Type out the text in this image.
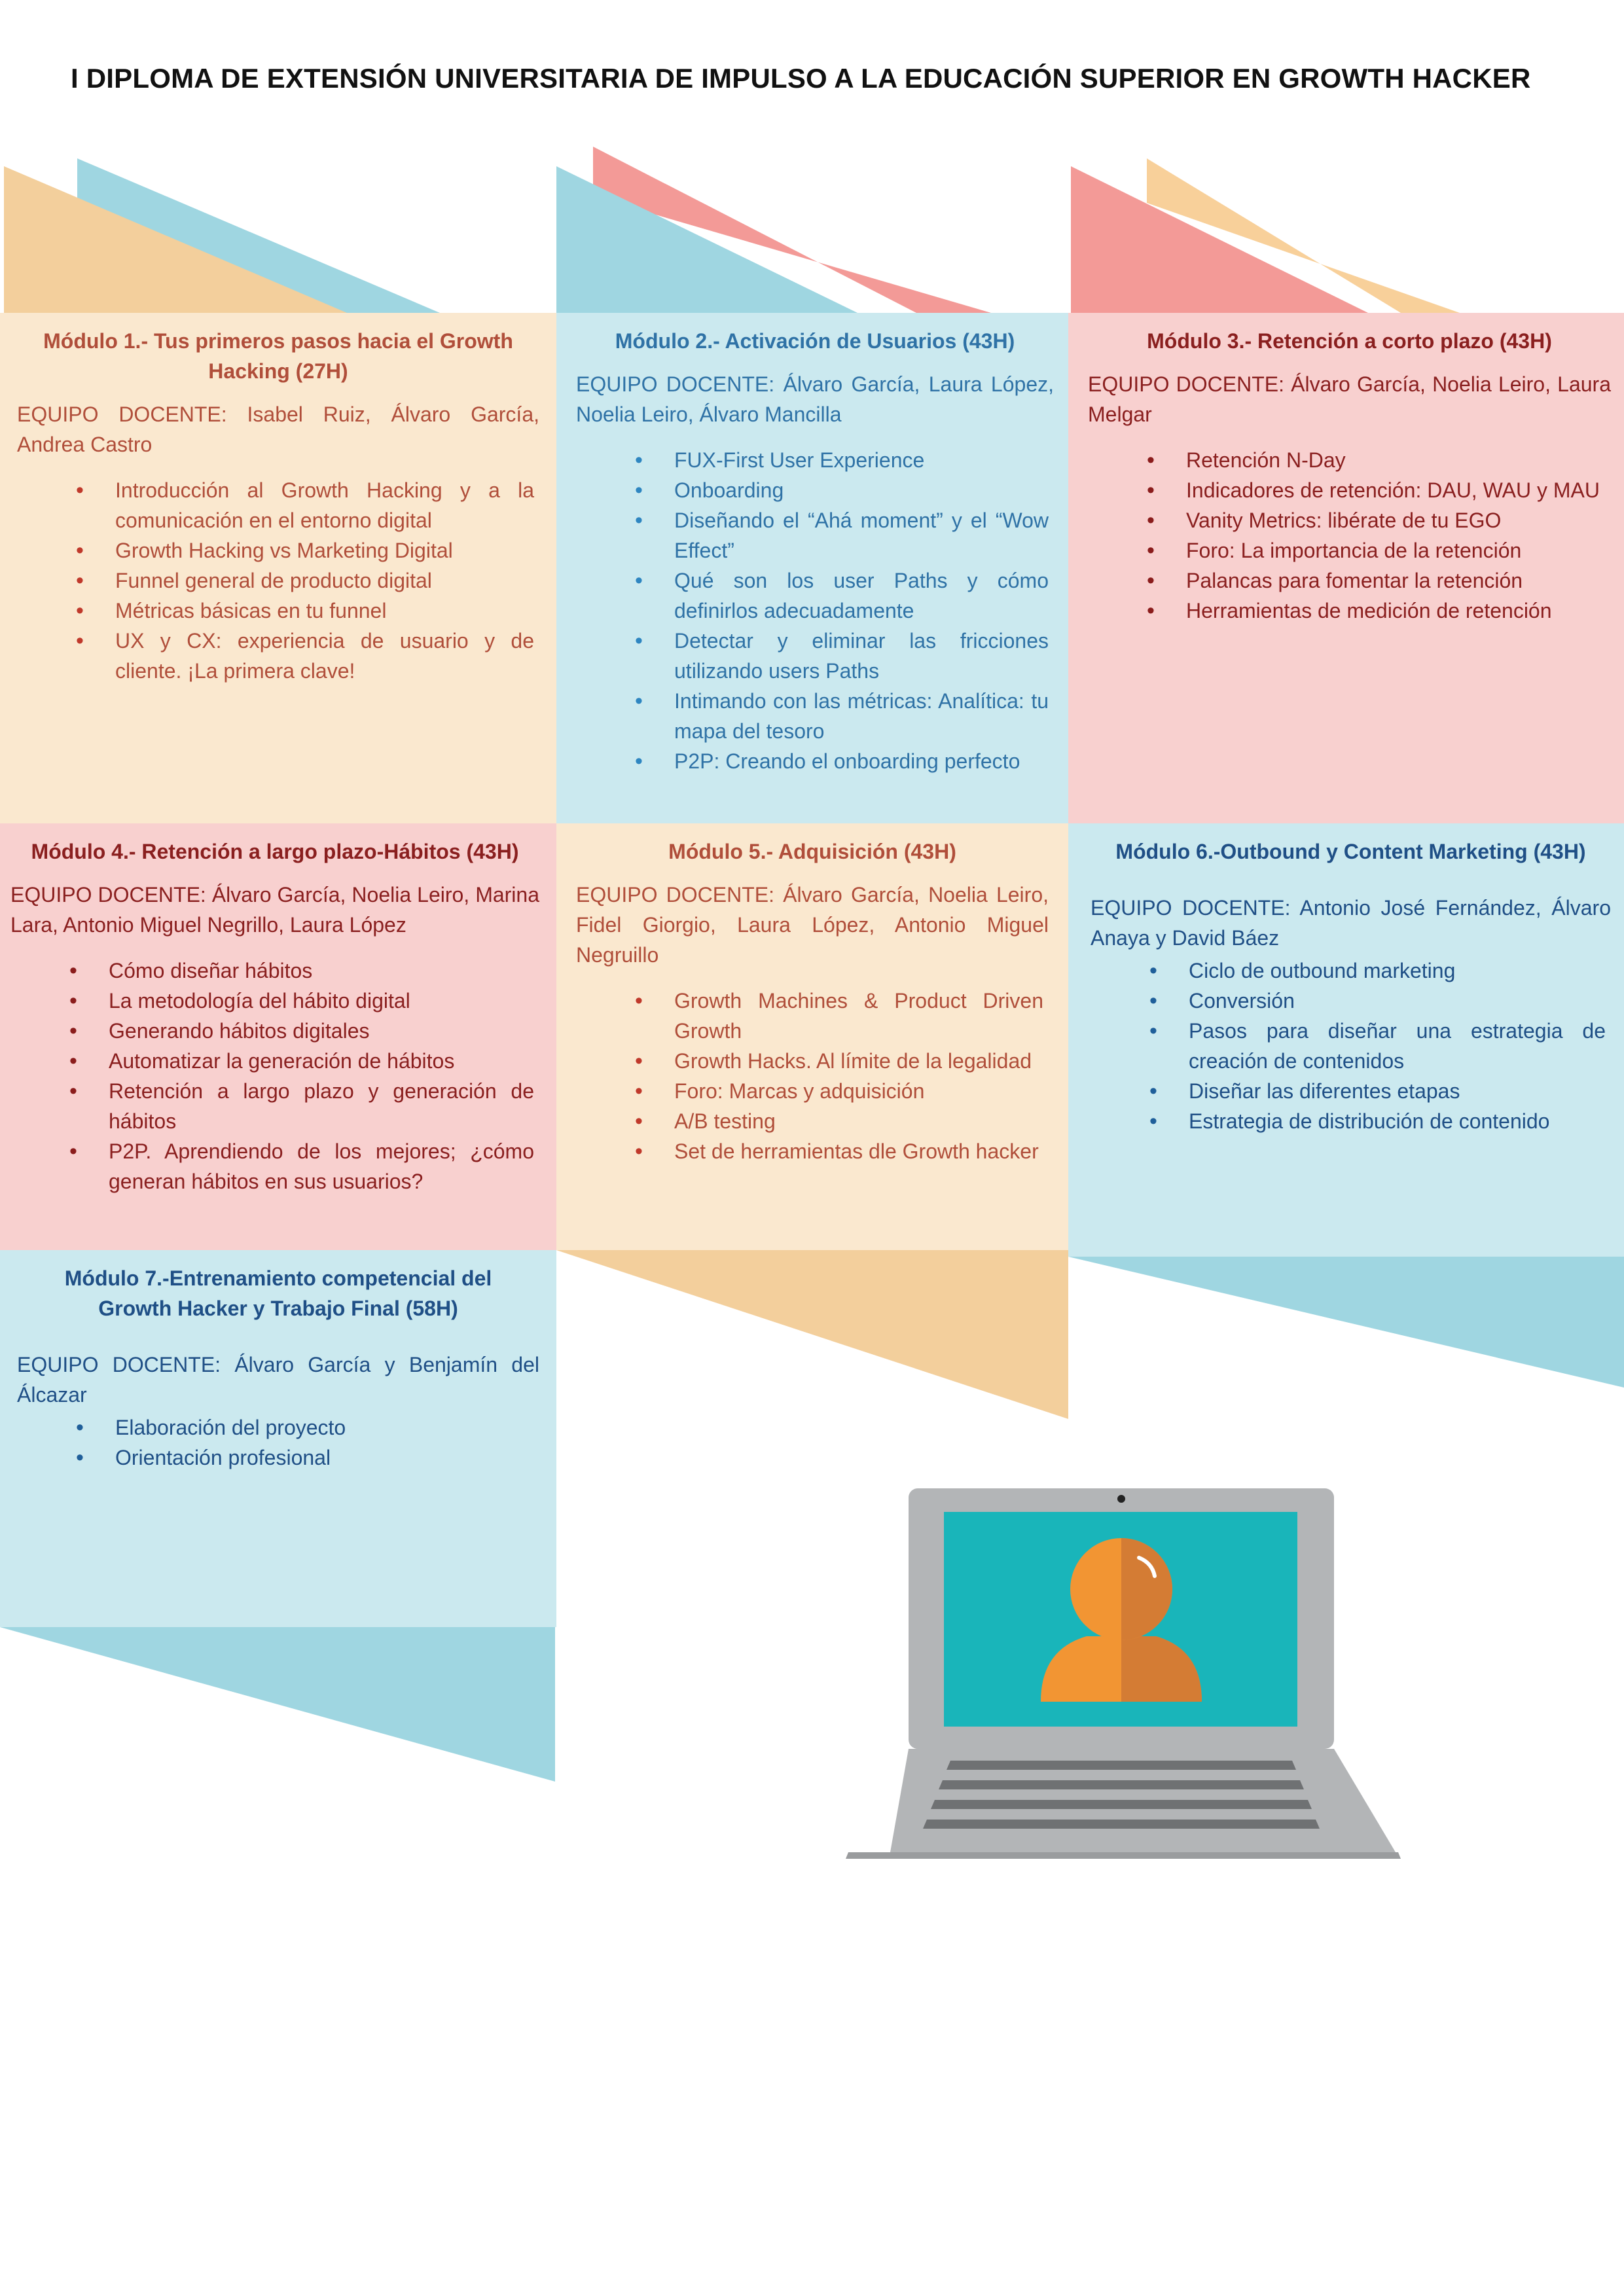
I DIPLOMA DE EXTENSIÓN UNIVERSITARIA DE IMPULSO A LA EDUCACIÓN SUPERIOR EN GROWTH HACKER
Módulo 1.- Tus primeros pasos hacia el Growth Hacking (27H)
EQUIPO DOCENTE: Isabel Ruiz, Álvaro García, Andrea Castro
• Introducción al Growth Hacking y a la comunicación en el entorno digital
• Growth Hacking vs Marketing Digital
• Funnel general de producto digital
• Métricas básicas en tu funnel
• UX y CX: experiencia de usuario y de cliente. ¡La primera clave!
Módulo 2.- Activación de Usuarios (43H)
EQUIPO DOCENTE: Álvaro García, Laura López, Noelia Leiro, Álvaro Mancilla
• FUX-First User Experience
• Onboarding
• Diseñando el “Ahá moment” y el “Wow Effect”
• Qué son los user Paths y cómo definirlos adecuadamente
• Detectar y eliminar las fricciones utilizando users Paths
• Intimando con las métricas: Analítica: tu mapa del tesoro
• P2P: Creando el onboarding perfecto
Módulo 3.- Retención a corto plazo (43H)
EQUIPO DOCENTE: Álvaro García, Noelia Leiro, Laura Melgar
• Retención N-Day
• Indicadores de retención: DAU, WAU y MAU
• Vanity Metrics: libérate de tu EGO
• Foro: La importancia de la retención
• Palancas para fomentar la retención
• Herramientas de medición de retención
Módulo 4.- Retención a largo plazo-Hábitos (43H)
EQUIPO DOCENTE: Álvaro García, Noelia Leiro, Marina Lara, Antonio Miguel Negrillo, Laura López
• Cómo diseñar hábitos
• La metodología del hábito digital
• Generando hábitos digitales
• Automatizar la generación de hábitos
• Retención a largo plazo y generación de hábitos
• P2P. Aprendiendo de los mejores; ¿cómo generan hábitos en sus usuarios?
Módulo 5.- Adquisición (43H)
EQUIPO DOCENTE: Álvaro García, Noelia Leiro, Fidel Giorgio, Laura López, Antonio Miguel Negruillo
• Growth Machines & Product Driven Growth
• Growth Hacks. Al límite de la legalidad
• Foro: Marcas y adquisición
• A/B testing
• Set de herramientas dle Growth hacker
Módulo 6.-Outbound y Content Marketing (43H)
EQUIPO DOCENTE: Antonio José Fernández, Álvaro Anaya y David Báez
• Ciclo de outbound marketing
• Conversión
• Pasos para diseñar una estrategia de creación de contenidos
• Diseñar las diferentes etapas
• Estrategia de distribución de contenido
Módulo 7.-Entrenamiento competencial del Growth Hacker y Trabajo Final (58H)
EQUIPO DOCENTE: Álvaro García y Benjamín del Álcazar
• Elaboración del proyecto
• Orientación profesional
